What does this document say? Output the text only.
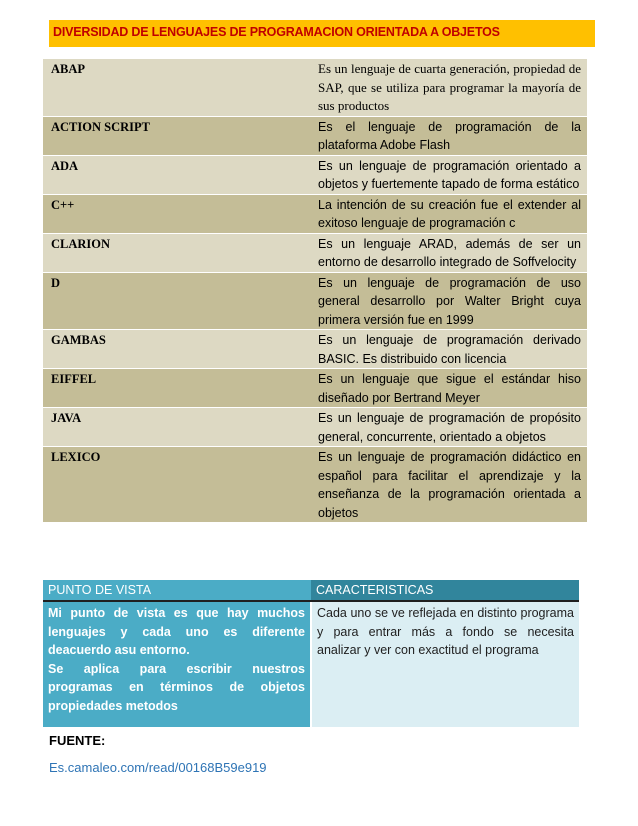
DIVERSIDAD DE LENGUAJES DE PROGRAMACION ORIENTADA A OBJETOS
ABAP	Es un lenguaje de cuarta generación, propiedad de SAP, que se utiliza para programar la mayoría de sus productos
ACTION SCRIPT	Es el lenguaje de programación de la plataforma Adobe Flash
ADA	Es un lenguaje de programación orientado a objetos y fuertemente tapado de forma estático
C++	La intención de su creación fue el extender al exitoso lenguaje de programación c
CLARION	Es un lenguaje ARAD, además de ser un entorno de desarrollo integrado de Soffvelocity
D	Es un lenguaje de programación de uso general desarrollo por Walter Bright cuya primera versión fue en 1999
GAMBAS	Es un lenguaje de programación derivado BASIC. Es distribuido con licencia
EIFFEL	Es un lenguaje que sigue el estándar hiso diseñado por Bertrand Meyer
JAVA	Es un lenguaje de programación de propósito general, concurrente, orientado a objetos
LEXICO	Es un lenguaje de programación didáctico en español para facilitar el aprendizaje y la enseñanza de la programación orientada a objetos
PUNTO DE VISTA	CARACTERISTICAS

Mi punto de vista es que hay muchos lenguajes y cada uno es diferente deacuerdo asu entorno.
Se aplica para escribir nuestros programas en términos de objetos propiedades metodos	Cada uno se ve reflejada en distinto programa y para entrar más a fondo se necesita analizar y ver con exactitud el programa
FUENTE:
Es.camaleo.com/read/00168B59e919
